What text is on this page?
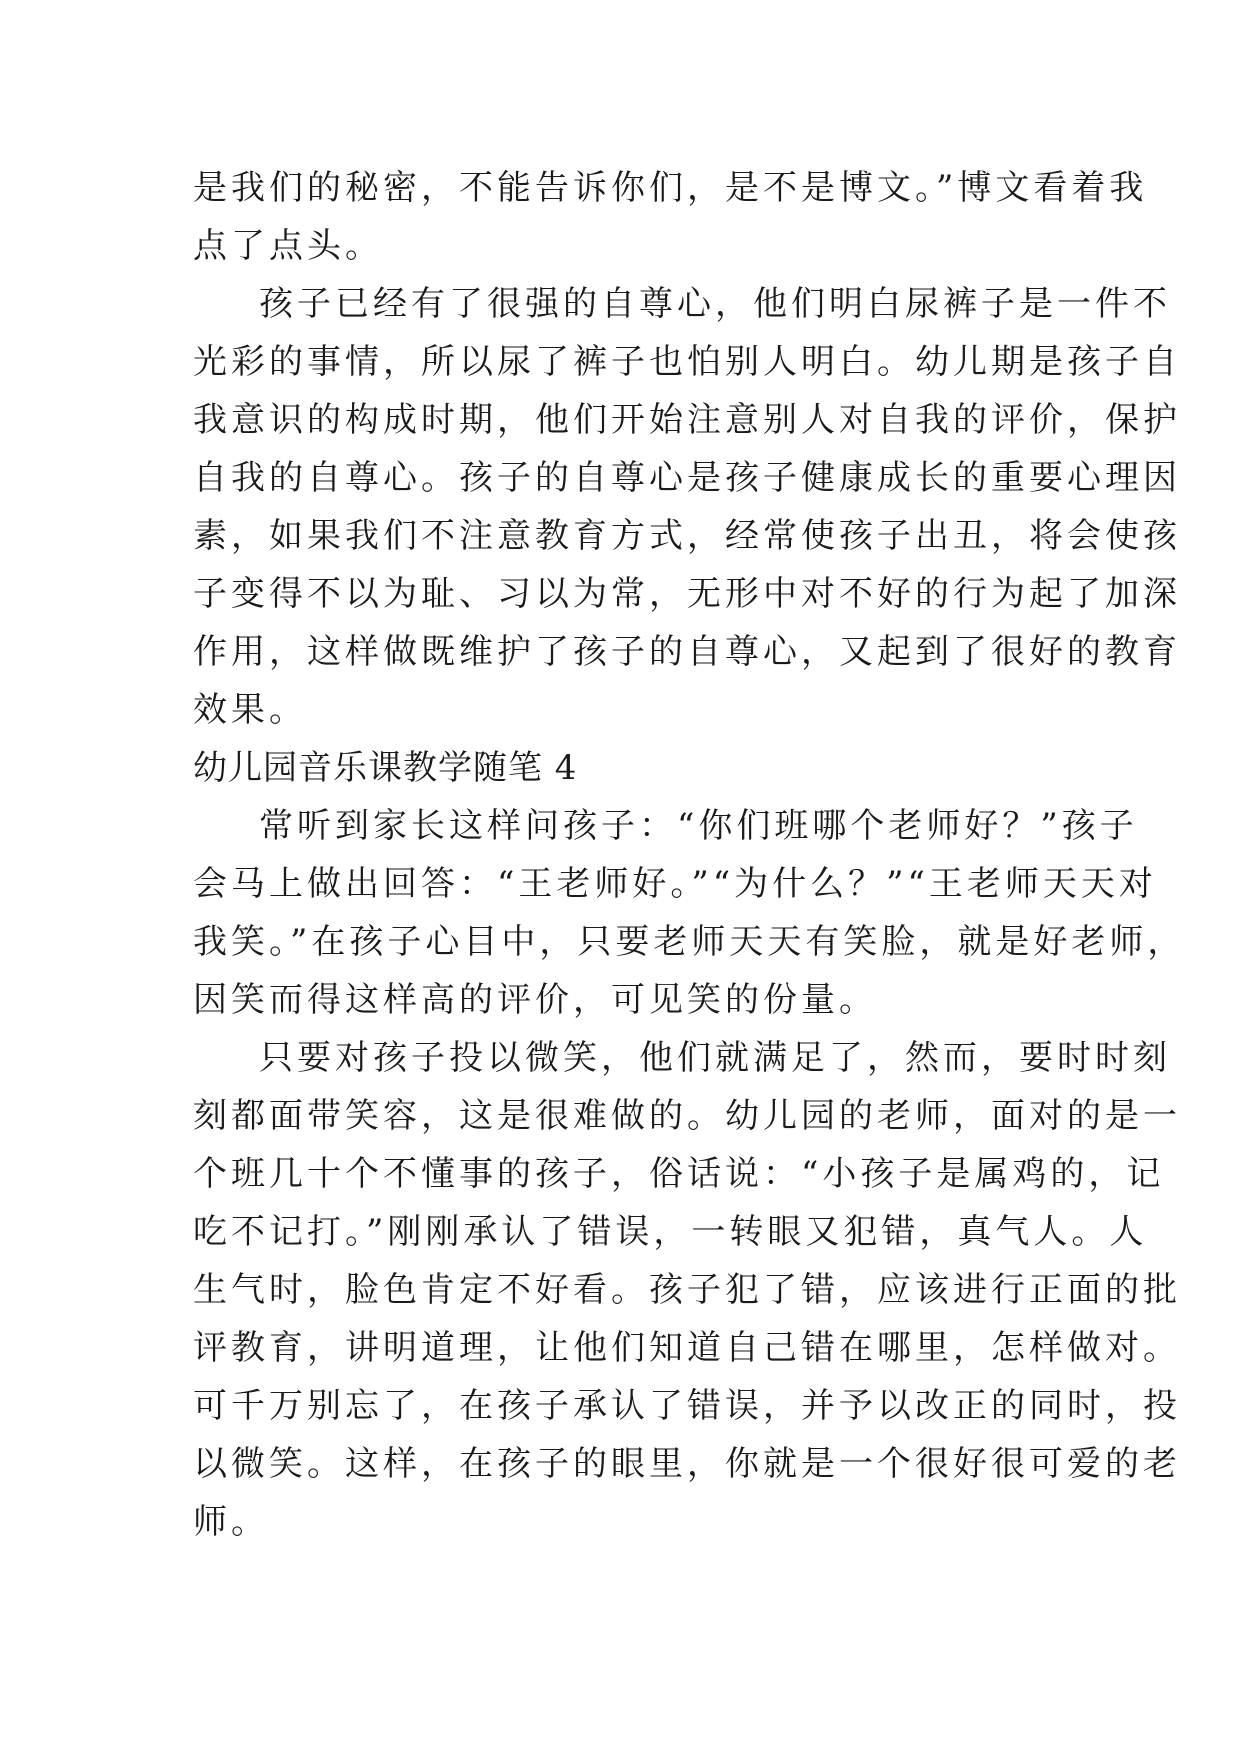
是我们的秘密，不能告诉你们，是不是博文。”博文看着我
点了点头。
孩子已经有了很强的自尊心，他们明白尿裤子是一件不
光彩的事情，所以尿了裤子也怕别人明白。幼儿期是孩子自
我意识的构成时期，他们开始注意别人对自我的评价，保护
自我的自尊心。孩子的自尊心是孩子健康成长的重要心理因
素，如果我们不注意教育方式，经常使孩子出丑，将会使孩
子变得不以为耻、习以为常，无形中对不好的行为起了加深
作用，这样做既维护了孩子的自尊心，又起到了很好的教育
效果。
幼儿园音乐课教学随笔 4
常听到家长这样问孩子：“你们班哪个老师好？”孩子
会马上做出回答：“王老师好。”“为什么？”“王老师天天对
我笑。”在孩子心目中，只要老师天天有笑脸，就是好老师，
因笑而得这样高的评价，可见笑的份量。
只要对孩子投以微笑，他们就满足了，然而，要时时刻
刻都面带笑容，这是很难做的。幼儿园的老师，面对的是一
个班几十个不懂事的孩子，俗话说：“小孩子是属鸡的，记
吃不记打。”刚刚承认了错误，一转眼又犯错，真气人。人
生气时，脸色肯定不好看。孩子犯了错，应该进行正面的批
评教育，讲明道理，让他们知道自己错在哪里，怎样做对。
可千万别忘了，在孩子承认了错误，并予以改正的同时，投
以微笑。这样，在孩子的眼里，你就是一个很好很可爱的老
师。
